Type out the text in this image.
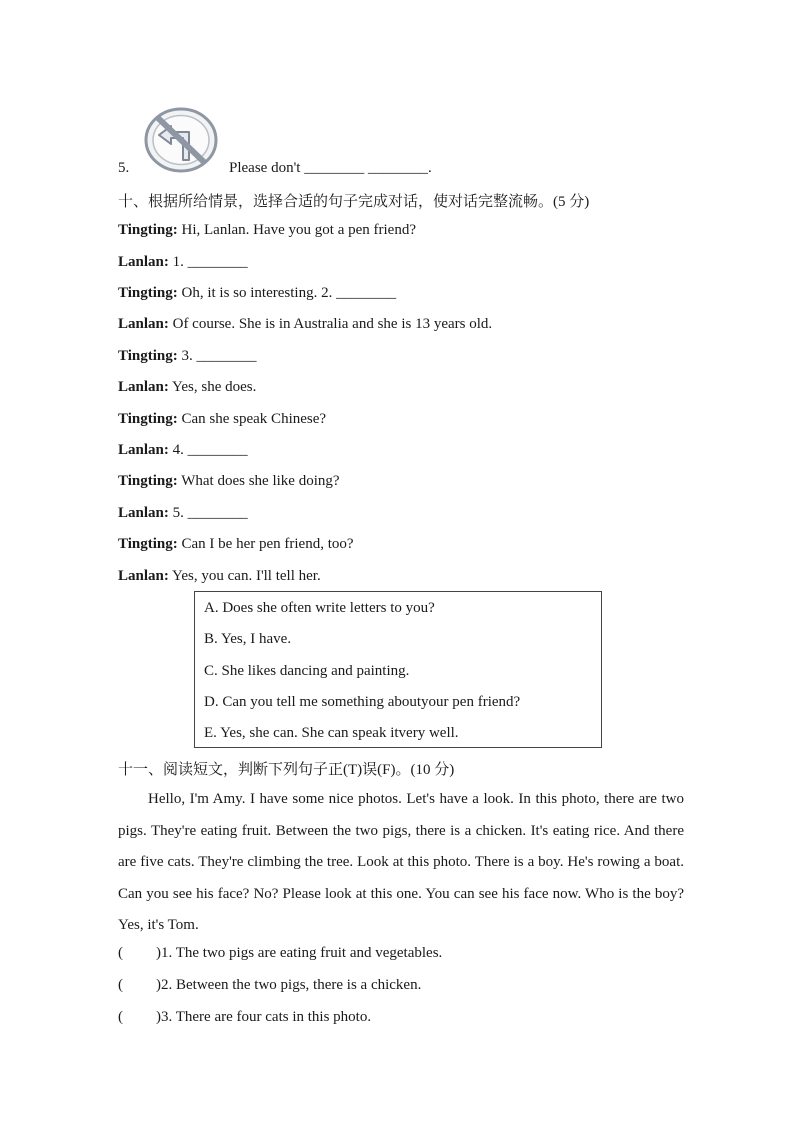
5.	Please don't ________ ________.
十、根据所给情景，选择合适的句子完成对话，使对话完整流畅。(5 分)
Tingting: Hi, Lanlan. Have you got a pen friend?
Lanlan: 1. ________
Tingting: Oh, it is so interesting. 2. ________
Lanlan: Of course. She is in Australia and she is 13 years old.
Tingting: 3. ________
Lanlan: Yes, she does.
Tingting: Can she speak Chinese?
Lanlan: 4. ________
Tingting: What does she like doing?
Lanlan: 5. ________
Tingting: Can I be her pen friend, too?
Lanlan: Yes, you can. I'll tell her.
A. Does she often write letters to you?
B. Yes, I have.
C. She likes dancing and painting.
D. Can you tell me something aboutyour pen friend?
E. Yes, she can. She can speak itvery well.
十一、阅读短文，判断下列句子正(T)误(F)。(10 分)
Hello, I'm Amy. I have some nice photos. Let's have a look. In this photo, there are two pigs. They're eating fruit. Between the two pigs, there is a chicken. It's eating rice. And there are five cats. They're climbing the tree. Look at this photo. There is a boy. He's rowing a boat. Can you see his face? No? Please look at this one. You can see his face now. Who is the boy? Yes, it's Tom.
( )1. The two pigs are eating fruit and vegetables.
( )2. Between the two pigs, there is a chicken.
( )3. There are four cats in this photo.
